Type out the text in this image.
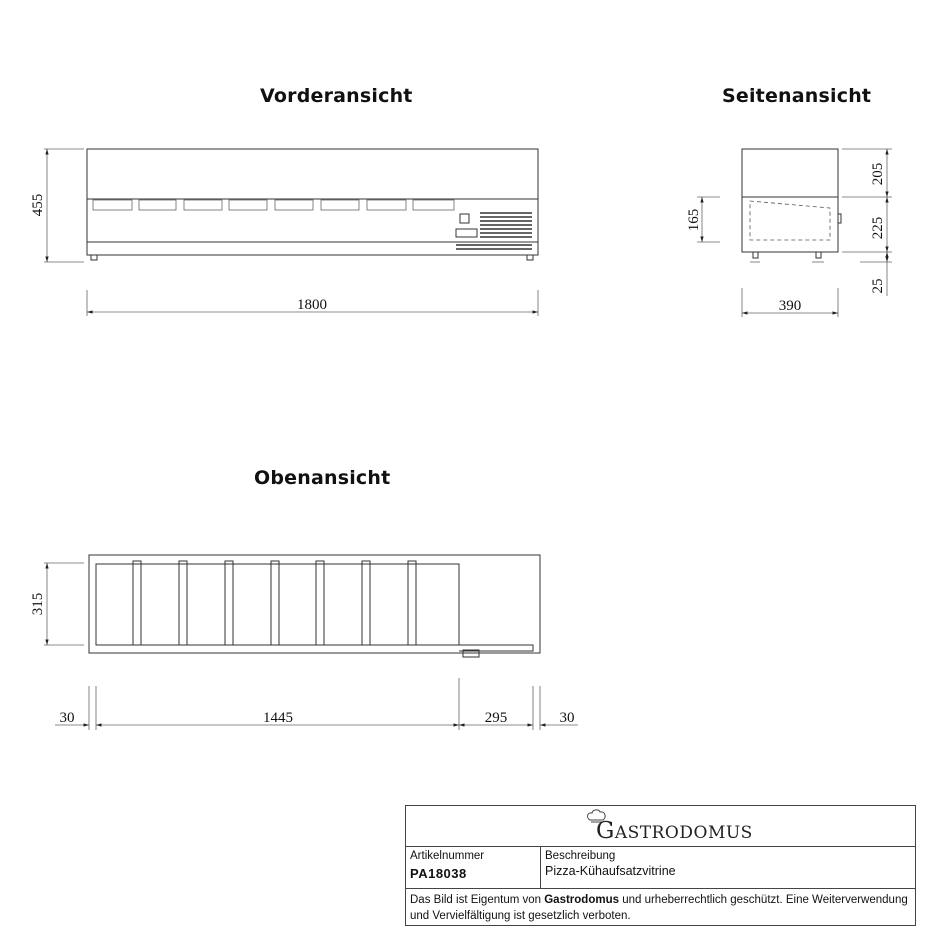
Vorderansicht	Seitenansicht
Obenansicht
455
1800
165
205
225
25
390
315
30	1445	295	30
GASTRODOMUS
Artikelnummer
PA18038
Beschreibung
Pizza-Kühaufsatzvitrine
Das Bild ist Eigentum von Gastrodomus und urheberrechtlich geschützt. Eine Weiterverwendung und Vervielfältigung ist gesetzlich verboten.
